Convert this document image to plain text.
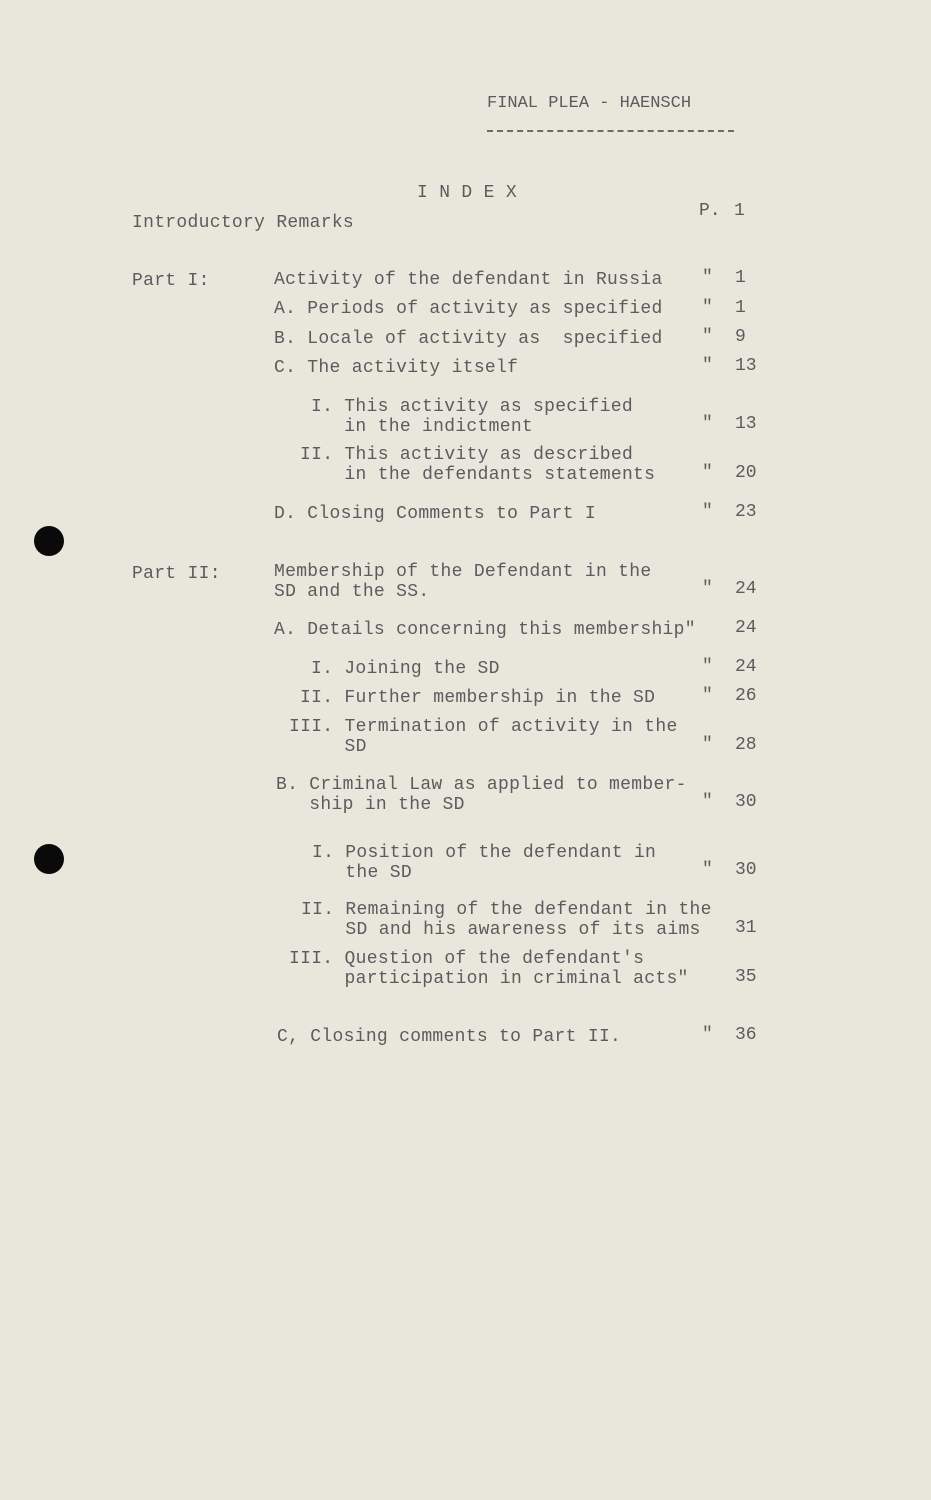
FINAL PLEA - HAENSCH
I N D E X
Introductory Remarks
P. 1
Part I:	Activity of the defendant in Russia " 1
A. Periods of activity as specified " 1
B. Locale of activity as  specified " 9
C. The activity itself	" 13
I. This activity as specified
in the indictment	" 13
II. This activity as described
in the defendants statements	" 20
D. Closing Comments to Part I	" 23
Part II:	Membership of the Defendant in the
SD and the SS.	" 24
A. Details concerning this membership" 24
I. Joining the SD	" 24
II. Further membership in the SD	" 26
III. Termination of activity in the
SD	" 28
B. Criminal Law as applied to member-
ship in the SD	" 30
I. Position of the defendant in
the SD	" 30
II. Remaining of the defendant in the
SD and his awareness of its aims	31
III. Question of the defendant's
participation in criminal acts"	35
C, Closing comments to Part II.	" 36
